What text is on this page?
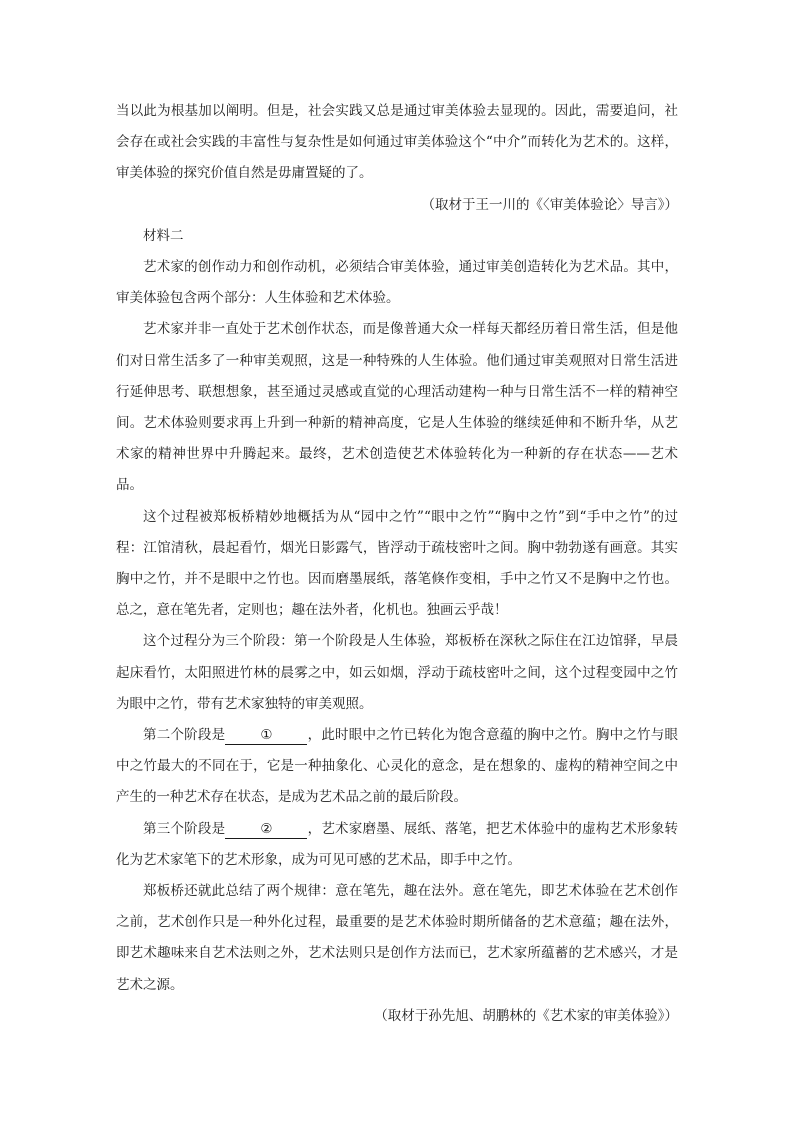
当以此为根基加以阐明。但是，社会实践又总是通过审美体验去显现的。因此，需要追问，社会存在或社会实践的丰富性与复杂性是如何通过审美体验这个“中介”而转化为艺术的。这样，审美体验的探究价值自然是毋庸置疑的了。

（取材于王一川的《〈审美体验论〉导言》）

材料二

艺术家的创作动力和创作动机，必须结合审美体验，通过审美创造转化为艺术品。其中，审美体验包含两个部分：人生体验和艺术体验。

艺术家并非一直处于艺术创作状态，而是像普通大众一样每天都经历着日常生活，但是他们对日常生活多了一种审美观照，这是一种特殊的人生体验。他们通过审美观照对日常生活进行延伸思考、联想想象，甚至通过灵感或直觉的心理活动建构一种与日常生活不一样的精神空间。艺术体验则要求再上升到一种新的精神高度，它是人生体验的继续延伸和不断升华，从艺术家的精神世界中升腾起来。最终，艺术创造使艺术体验转化为一种新的存在状态——艺术品。

这个过程被郑板桥精妙地概括为从“园中之竹”“眼中之竹”“胸中之竹”到“手中之竹”的过程：江馆清秋，晨起看竹，烟光日影露气，皆浮动于疏枝密叶之间。胸中勃勃遂有画意。其实胸中之竹，并不是眼中之竹也。因而磨墨展纸，落笔倏作变相，手中之竹又不是胸中之竹也。总之，意在笔先者，定则也；趣在法外者，化机也。独画云乎哉！

这个过程分为三个阶段：第一个阶段是人生体验，郑板桥在深秋之际住在江边馆驿，早晨起床看竹，太阳照进竹林的晨雾之中，如云如烟，浮动于疏枝密叶之间，这个过程变园中之竹为眼中之竹，带有艺术家独特的审美观照。

第二个阶段是	①	，此时眼中之竹已转化为饱含意蕴的胸中之竹。胸中之竹与眼中之竹最大的不同在于，它是一种抽象化、心灵化的意念，是在想象的、虚构的精神空间之中产生的一种艺术存在状态，是成为艺术品之前的最后阶段。

第三个阶段是	②	，艺术家磨墨、展纸、落笔，把艺术体验中的虚构艺术形象转化为艺术家笔下的艺术形象，成为可见可感的艺术品，即手中之竹。

郑板桥还就此总结了两个规律：意在笔先，趣在法外。意在笔先，即艺术体验在艺术创作之前，艺术创作只是一种外化过程，最重要的是艺术体验时期所储备的艺术意蕴；趣在法外，即艺术趣味来自艺术法则之外，艺术法则只是创作方法而已，艺术家所蕴蓄的艺术感兴，才是艺术之源。

（取材于孙先旭、胡鹏林的《艺术家的审美体验》）
